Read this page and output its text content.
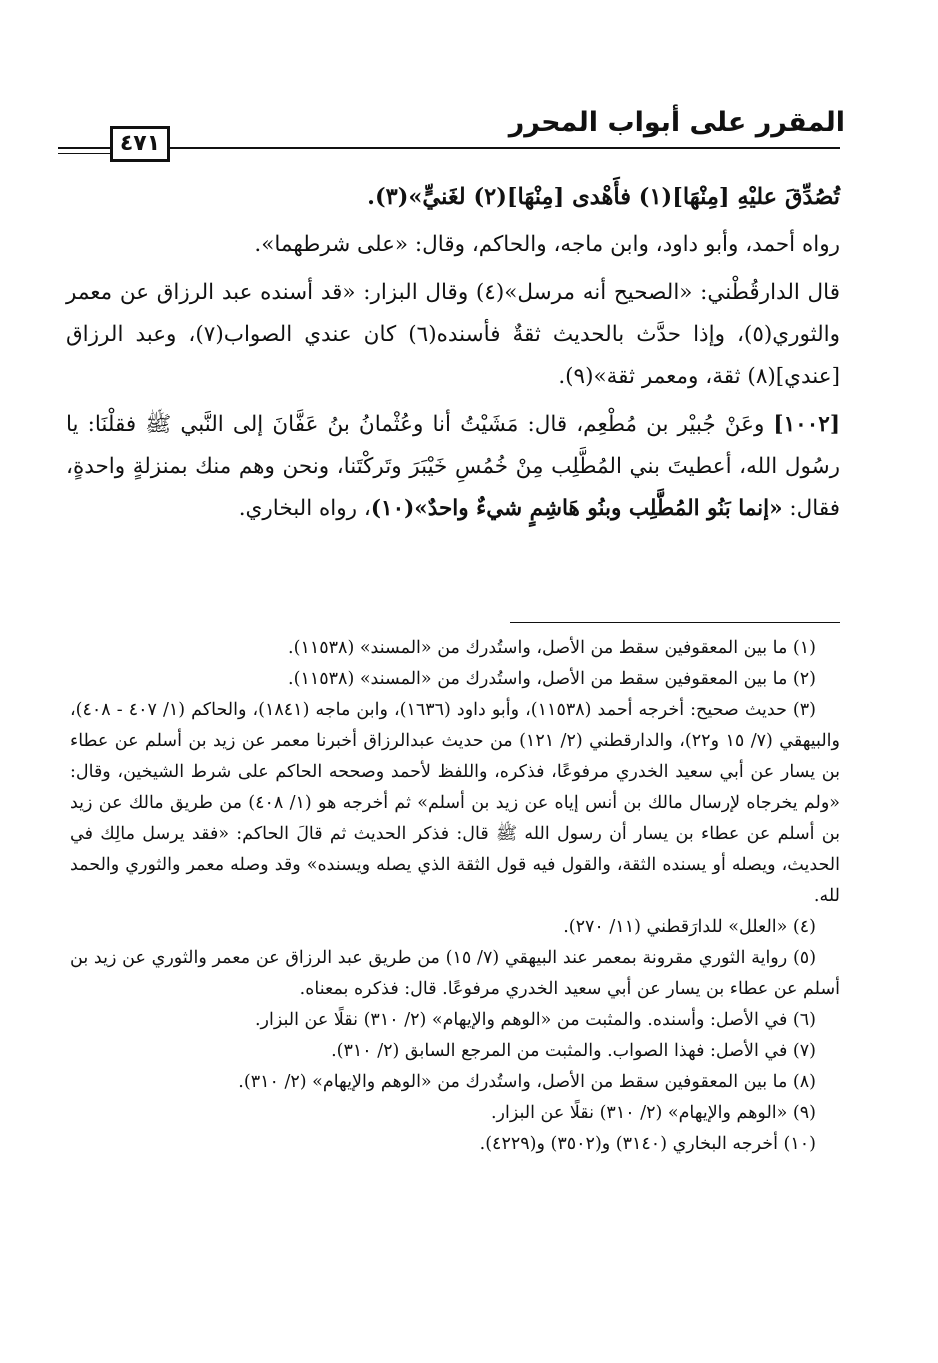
المقرر على أبواب المحرر
٤٧١

تُصُدِّقَ عليْهِ [مِنْهَا](١) فأَهْدى [مِنْهَا](٢) لغَنيٍّ»(٣).

رواه أحمد، وأبو داود، وابن ماجه، والحاكم، وقال: «على شرطهما».

قال الدارقُطْني: «الصحيح أنه مرسل»(٤) وقال البزار: «قد أسنده عبد الرزاق عن معمر والثوري(٥)، وإذا حدَّث بالحديث ثقةٌ فأسنده(٦) كان عندي الصواب(٧)، وعبد الرزاق [عندي](٨) ثقة، ومعمر ثقة»(٩).

[١٠٠٢] وعَنْ جُبيْر بن مُطْعِم، قال: مَشَيْتُ أنا وعُثْمانُ بنُ عَفَّانَ إلى النَّبي ﷺ فقلْنَا: يا رسُول الله، أعطيتَ بني المُطَّلِب مِنْ خُمُسِ خَيْبَرَ وتَركْتَنا، ونحن وهم منك بمنزلةٍ واحدةٍ، فقال: «إنما بَنُو المُطَّلِب وبنُو هَاشِمٍ شيءٌ واحدٌ»(١٠)، رواه البخاري.

(١) ما بين المعقوفين سقط من الأصل، واستُدرك من «المسند» (١١٥٣٨).

(٢) ما بين المعقوفين سقط من الأصل، واستُدرك من «المسند» (١١٥٣٨).

(٣) حديث صحيح: أخرجه أحمد (١١٥٣٨)، وأبو داود (١٦٣٦)، وابن ماجه (١٨٤١)، والحاكم (١/ ٤٠٧ - ٤٠٨)، والبيهقي (٧/ ١٥ و٢٢)، والدارقطني (٢/ ١٢١) من حديث عبدالرزاق أخبرنا معمر عن زيد بن أسلم عن عطاء بن يسار عن أبي سعيد الخدري مرفوعًا، فذكره، واللفظ لأحمد وصححه الحاكم على شرط الشيخين، وقال: «ولم يخرجاه لإرسال مالك بن أنس إياه عن زيد بن أسلم» ثم أخرجه هو (١/ ٤٠٨) من طريق مالك عن زيد بن أسلم عن عطاء بن يسار أن رسول الله ﷺ قال: فذكر الحديث ثم قالَ الحاكم: «فقد يرسل مالِك في الحديث، ويصله أو يسنده الثقة، والقول فيه قول الثقة الذي يصله ويسنده» وقد وصله معمر والثوري والحمد لله.

(٤) «العلل» للدارَقطني (١١/ ٢٧٠).

(٥) رواية الثوري مقرونة بمعمر عند البيهقي (٧/ ١٥) من طريق عبد الرزاق عن معمر والثوري عن زيد بن أسلم عن عطاء بن يسار عن أبي سعيد الخدري مرفوعًا. قال: فذكره بمعناه.

(٦) في الأصل: وأسنده. والمثبت من «الوهم والإيهام» (٢/ ٣١٠) نقلًا عن البزار.

(٧) في الأصل: فهذا الصواب. والمثبت من المرجع السابق (٢/ ٣١٠).

(٨) ما بين المعقوفين سقط من الأصل، واستُدرك من «الوهم والإيهام» (٢/ ٣١٠).

(٩) «الوهم والإيهام» (٢/ ٣١٠) نقلًا عن البزار.

(١٠) أخرجه البخاري (٣١٤٠) و(٣٥٠٢) و(٤٢٢٩).
